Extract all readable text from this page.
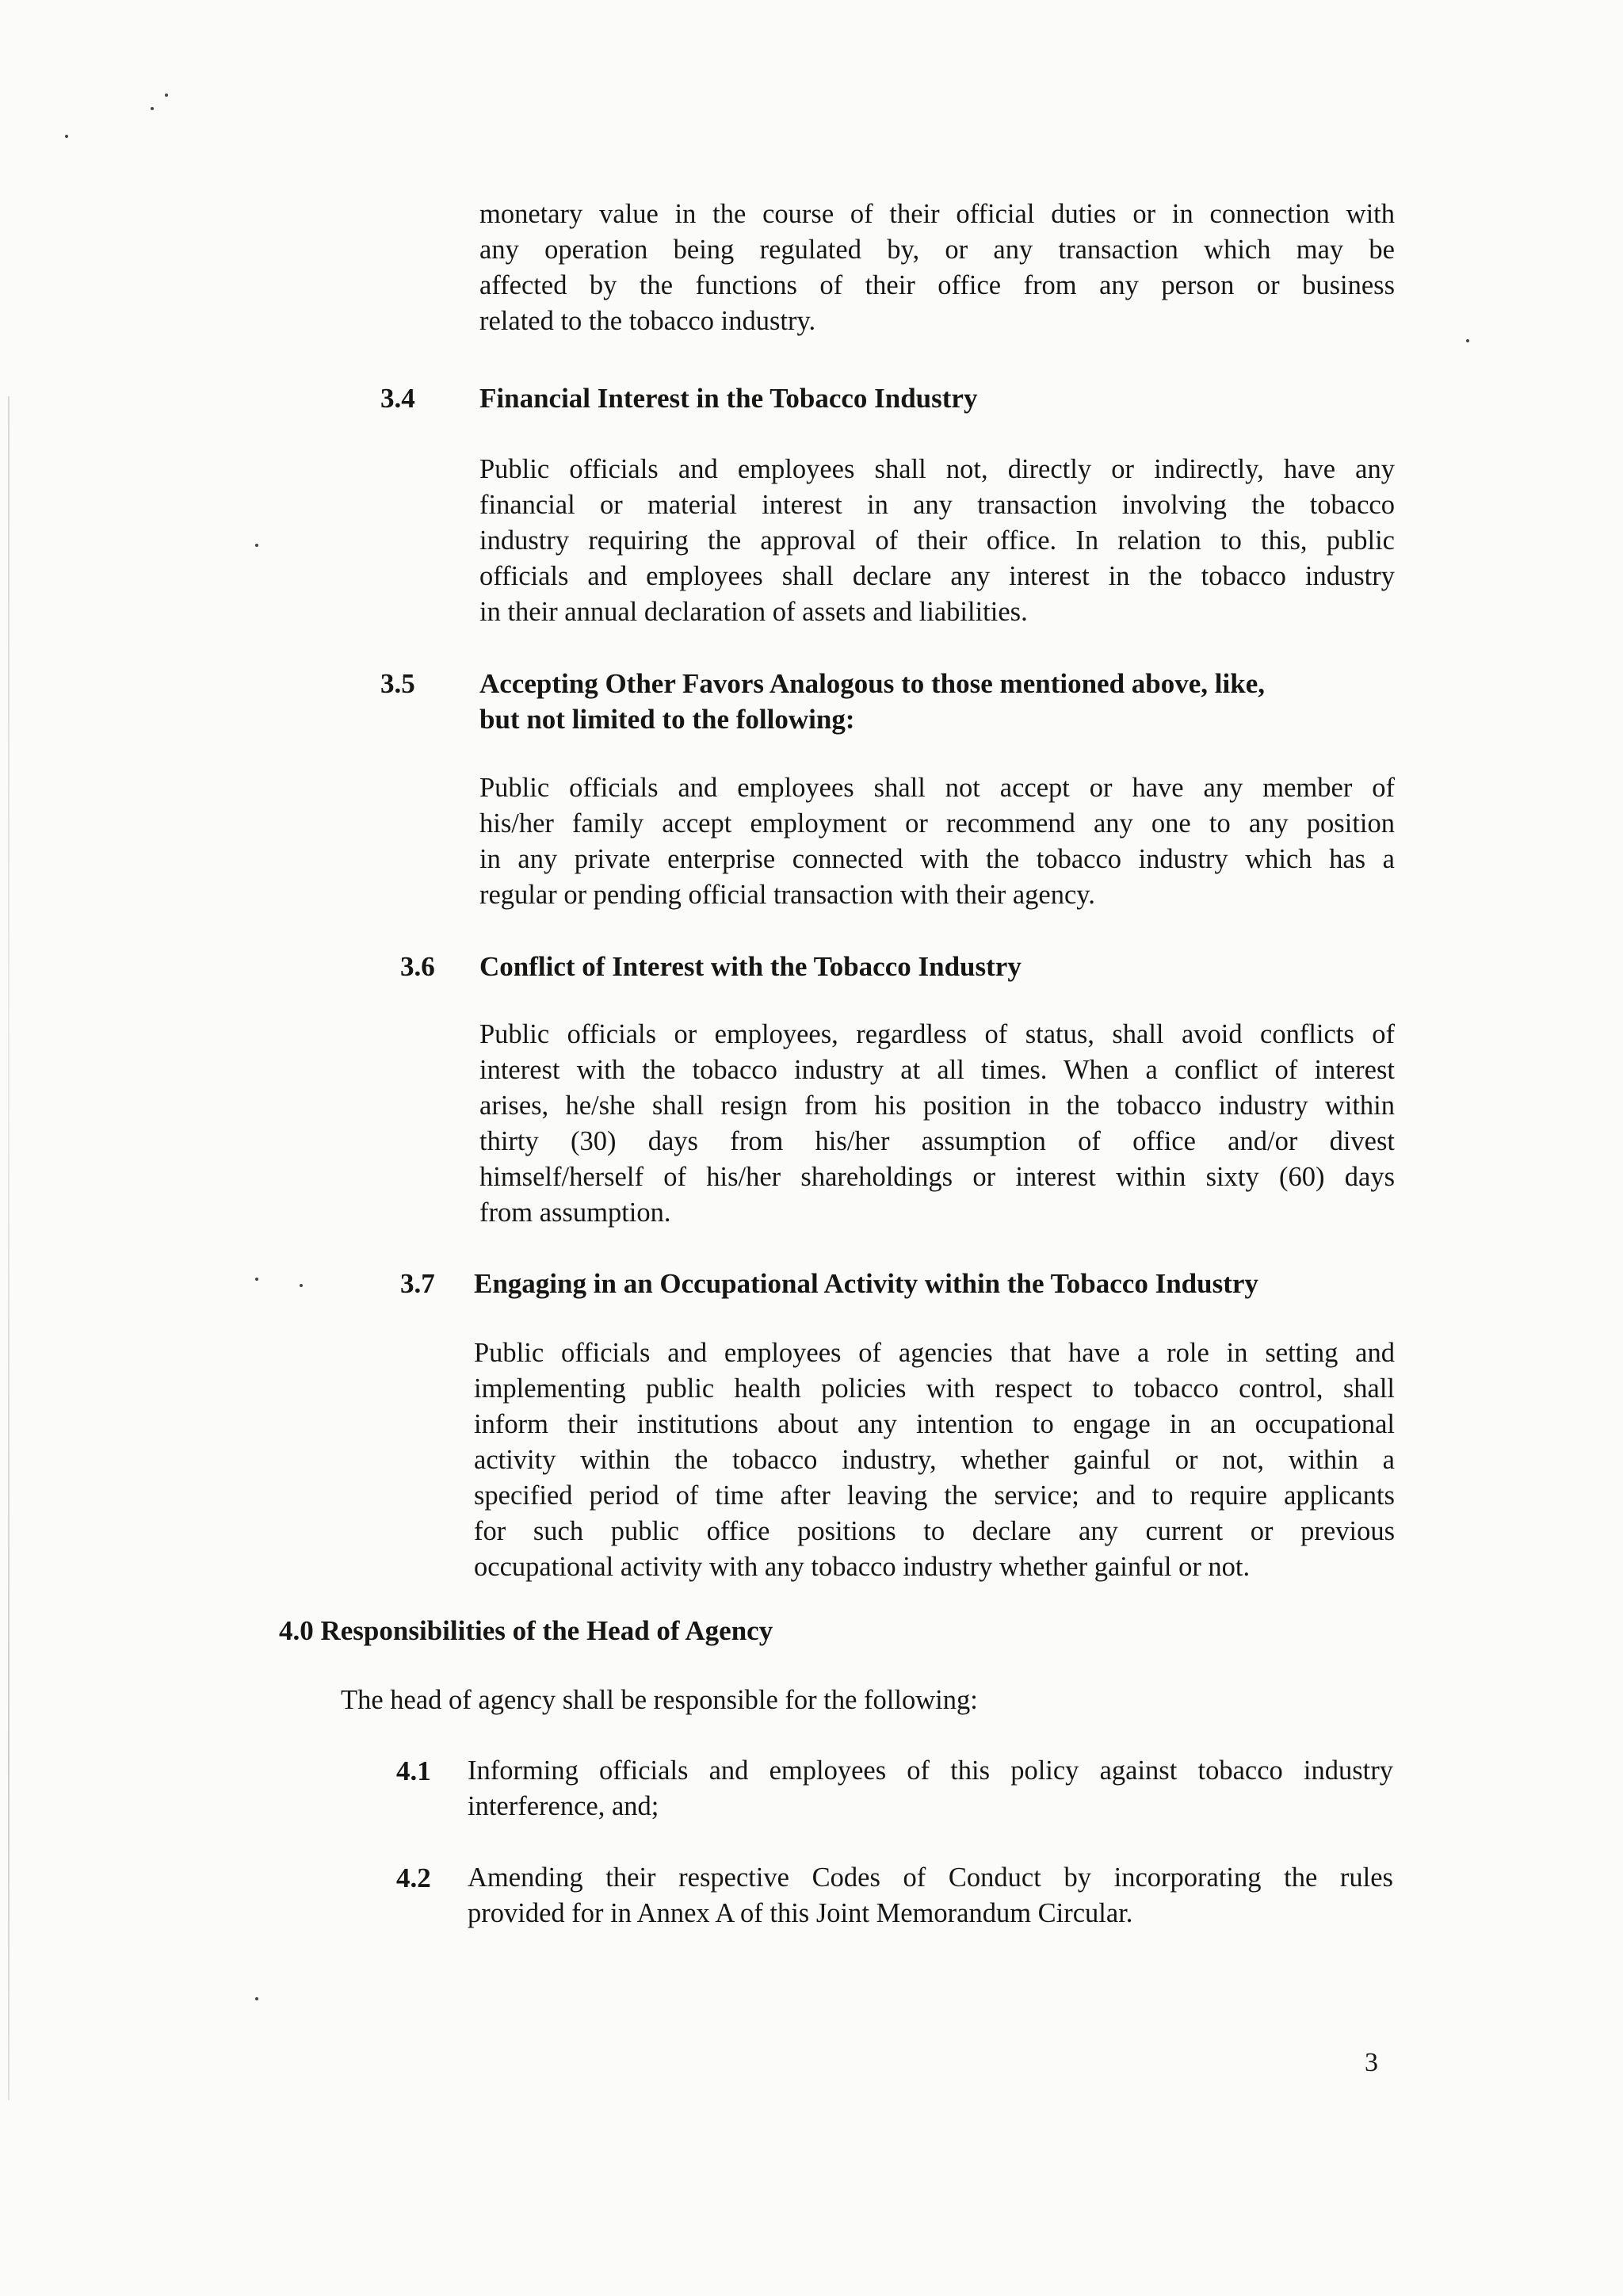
monetary value in the course of their official duties or in connection with
any operation being regulated by, or any transaction which may be
affected by the functions of their office from any person or business
related to the tobacco industry.
3.4 Financial Interest in the Tobacco Industry
Public officials and employees shall not, directly or indirectly, have any
financial or material interest in any transaction involving the tobacco
industry requiring the approval of their office. In relation to this, public
officials and employees shall declare any interest in the tobacco industry
in their annual declaration of assets and liabilities.
3.5 Accepting Other Favors Analogous to those mentioned above, like,
but not limited to the following:
Public officials and employees shall not accept or have any member of
his/her family accept employment or recommend any one to any position
in any private enterprise connected with the tobacco industry which has a
regular or pending official transaction with their agency.
3.6 Conflict of Interest with the Tobacco Industry
Public officials or employees, regardless of status, shall avoid conflicts of
interest with the tobacco industry at all times. When a conflict of interest
arises, he/she shall resign from his position in the tobacco industry within
thirty (30) days from his/her assumption of office and/or divest
himself/herself of his/her shareholdings or interest within sixty (60) days
from assumption.
3.7 Engaging in an Occupational Activity within the Tobacco Industry
Public officials and employees of agencies that have a role in setting and
implementing public health policies with respect to tobacco control, shall
inform their institutions about any intention to engage in an occupational
activity within the tobacco industry, whether gainful or not, within a
specified period of time after leaving the service; and to require applicants
for such public office positions to declare any current or previous
occupational activity with any tobacco industry whether gainful or not.
4.0 Responsibilities of the Head of Agency
The head of agency shall be responsible for the following:
4.1 Informing officials and employees of this policy against tobacco industry
interference, and;
4.2 Amending their respective Codes of Conduct by incorporating the rules
provided for in Annex A of this Joint Memorandum Circular.
3
